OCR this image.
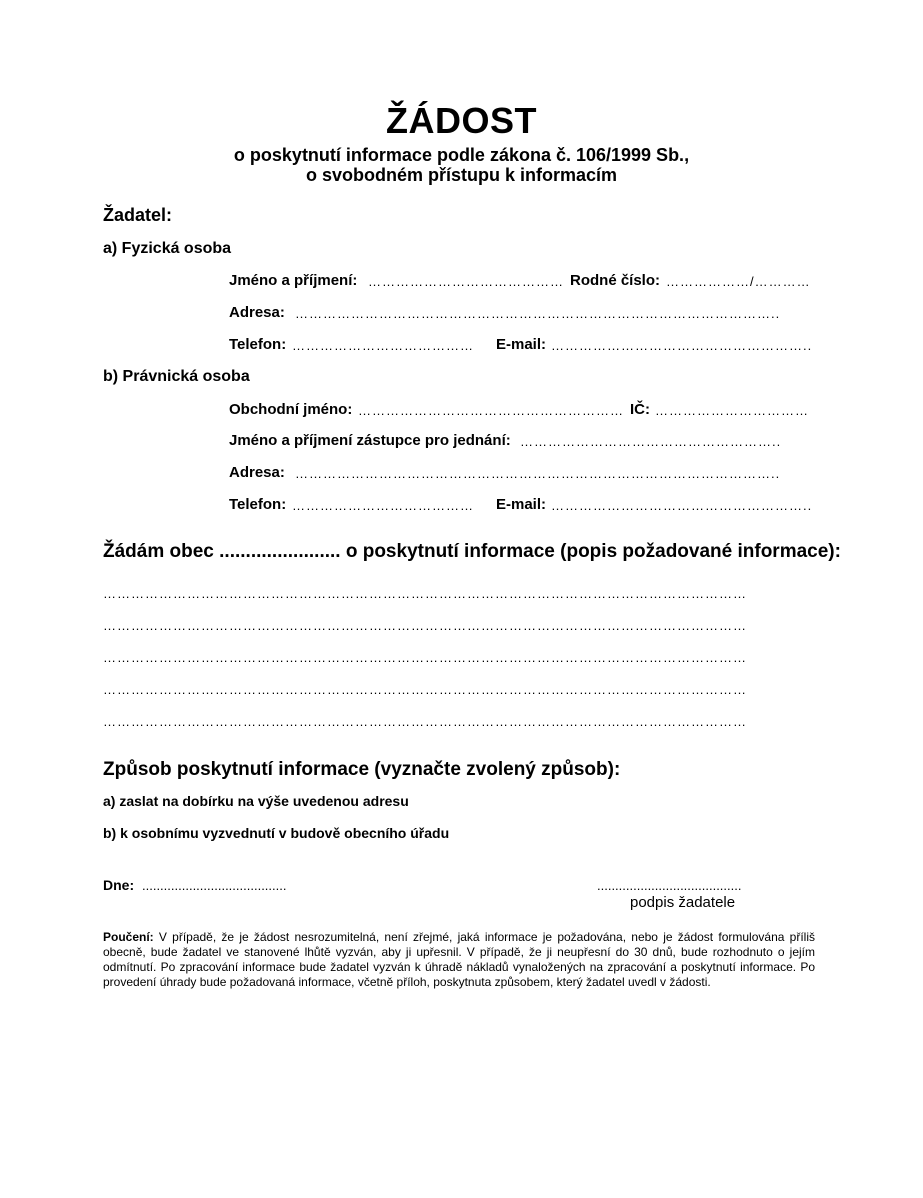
ŽÁDOST
o poskytnutí informace podle zákona č. 106/1999 Sb.,
o svobodném přístupu k informacím
Žadatel:
a) Fyzická osoba
Jméno a příjmení: …………………………………… Rodné číslo: ………………/…………
Adresa: …………………………………………………………………………………………..
Telefon: …………………………………	E-mail: ………………………………………………..
b) Právnická osoba
Obchodní jméno: ………………………………………………… IČ: ……………………………
Jméno a příjmení zástupce pro jednání: ………………………………………………..
Adresa: …………………………………………………………………………………………..
Telefon: …………………………………	E-mail: ………………………………………………..
Žádám obec ....................... o poskytnutí informace (popis požadované informace):
…………………………………………………………………………………………………………………………
…………………………………………………………………………………………………………………………
…………………………………………………………………………………………………………………………
…………………………………………………………………………………………………………………………
…………………………………………………………………………………………………………………………
Způsob poskytnutí informace (vyznačte zvolený způsob):
a) zaslat na dobírku na výše uvedenou adresu
b) k osobnímu vyzvednutí v budově obecního úřadu
Dne: ........................................	........................................
podpis žadatele
Poučení: V případě, že je žádost nesrozumitelná, není zřejmé, jaká informace je požadována, nebo je žádost formulována příliš obecně, bude žadatel ve stanovené lhůtě vyzván, aby ji upřesnil. V případě, že ji neupřesní do 30 dnů, bude rozhodnuto o jejím odmítnutí. Po zpracování informace bude žadatel vyzván k úhradě nákladů vynaložených na zpracování a poskytnutí informace. Po provedení úhrady bude požadovaná informace, včetně příloh, poskytnuta způsobem, který žadatel uvedl v žádosti.
